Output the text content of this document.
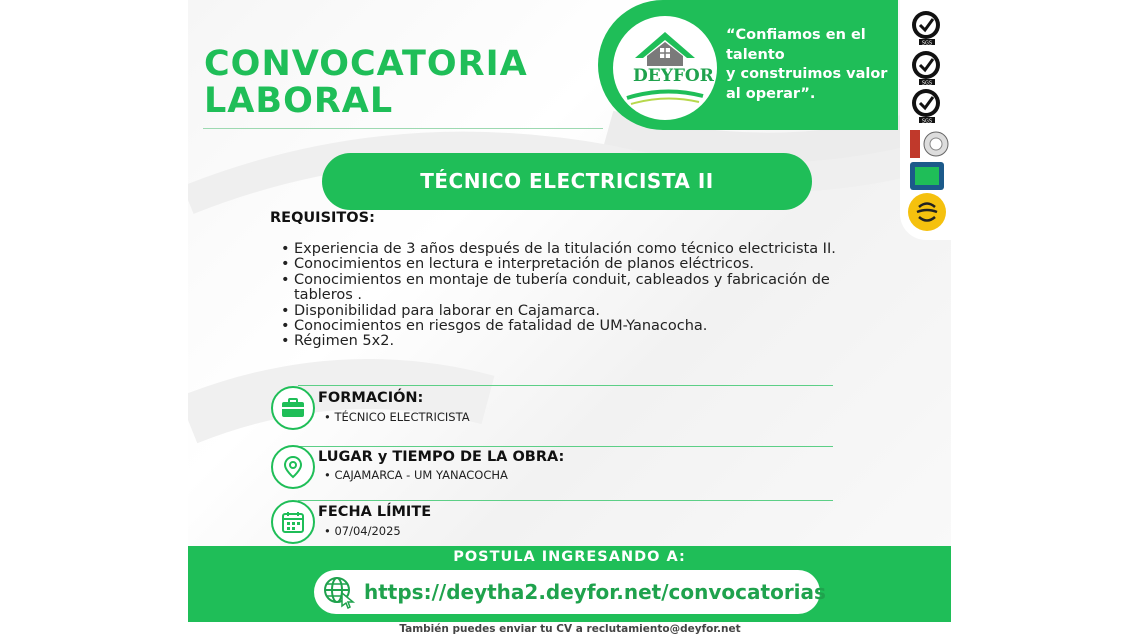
CONVOCATORIA
LABORAL
DEYFOR
“Confiamos en el
talento
y construimos valor
al operar”.
SGS
SGS
SGS
TÉCNICO ELECTRICISTA II
REQUISITOS:
• Experiencia de 3 años después de la titulación como técnico electricista II.
• Conocimientos en lectura e interpretación de planos eléctricos.
• Conocimientos en montaje de tubería conduit, cableados y fabricación de tableros .
• Disponibilidad para laborar en Cajamarca.
• Conocimientos en riesgos de fatalidad de UM-Yanacocha.
• Régimen 5x2.
FORMACIÓN:
• TÉCNICO ELECTRICISTA
LUGAR y TIEMPO DE LA OBRA:
• CAJAMARCA - UM YANACOCHA
FECHA LÍMITE
• 07/04/2025
POSTULA INGRESANDO A:
https://deytha2.deyfor.net/convocatorias
También puedes enviar tu CV a reclutamiento@deyfor.net
